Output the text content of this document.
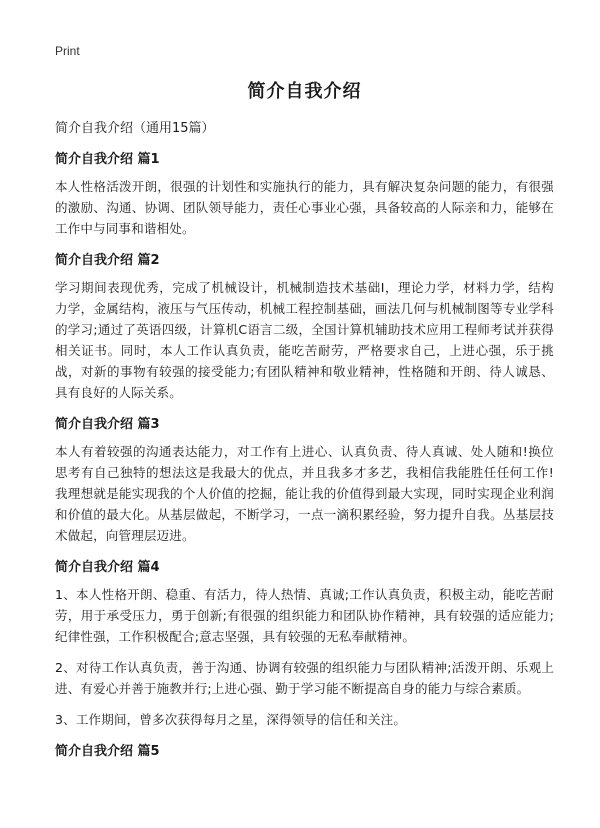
Print
简介自我介绍
简介自我介绍（通用15篇）
简介自我介绍 篇1

本人性格活泼开朗，很强的计划性和实施执行的能力，具有解决复杂问题的能力，有很强的激励、沟通、协调、团队领导能力，责任心事业心强，具备较高的人际亲和力，能够在工作中与同事和谐相处。

简介自我介绍 篇2

学习期间表现优秀，完成了机械设计，机械制造技术基础I，理论力学，材料力学，结构力学，金属结构，液压与气压传动，机械工程控制基础，画法几何与机械制图等专业学科的学习;通过了英语四级，计算机C语言二级，全国计算机辅助技术应用工程师考试并获得相关证书。同时，本人工作认真负责，能吃苦耐劳，严格要求自己，上进心强，乐于挑战，对新的事物有较强的接受能力;有团队精神和敬业精神，性格随和开朗、待人诚恳、具有良好的人际关系。

简介自我介绍 篇3

本人有着较强的沟通表达能力，对工作有上进心、认真负责、待人真诚、处人随和!换位思考有自己独特的想法这是我最大的优点，并且我多才多艺，我相信我能胜任任何工作!我理想就是能实现我的个人价值的挖掘，能让我的价值得到最大实现，同时实现企业利润和价值的最大化。从基层做起，不断学习，一点一滴积累经验，努力提升自我。丛基层技术做起，向管理层迈进。

简介自我介绍 篇4

1、本人性格开朗、稳重、有活力，待人热情、真诚;工作认真负责，积极主动，能吃苦耐劳，用于承受压力，勇于创新;有很强的组织能力和团队协作精神，具有较强的适应能力;纪律性强，工作积极配合;意志坚强，具有较强的无私奉献精神。

2、对待工作认真负责，善于沟通、协调有较强的组织能力与团队精神;活泼开朗、乐观上进、有爱心并善于施教并行;上进心强、勤于学习能不断提高自身的能力与综合素质。

3、工作期间，曾多次获得每月之星，深得领导的信任和关注。

简介自我介绍 篇5
